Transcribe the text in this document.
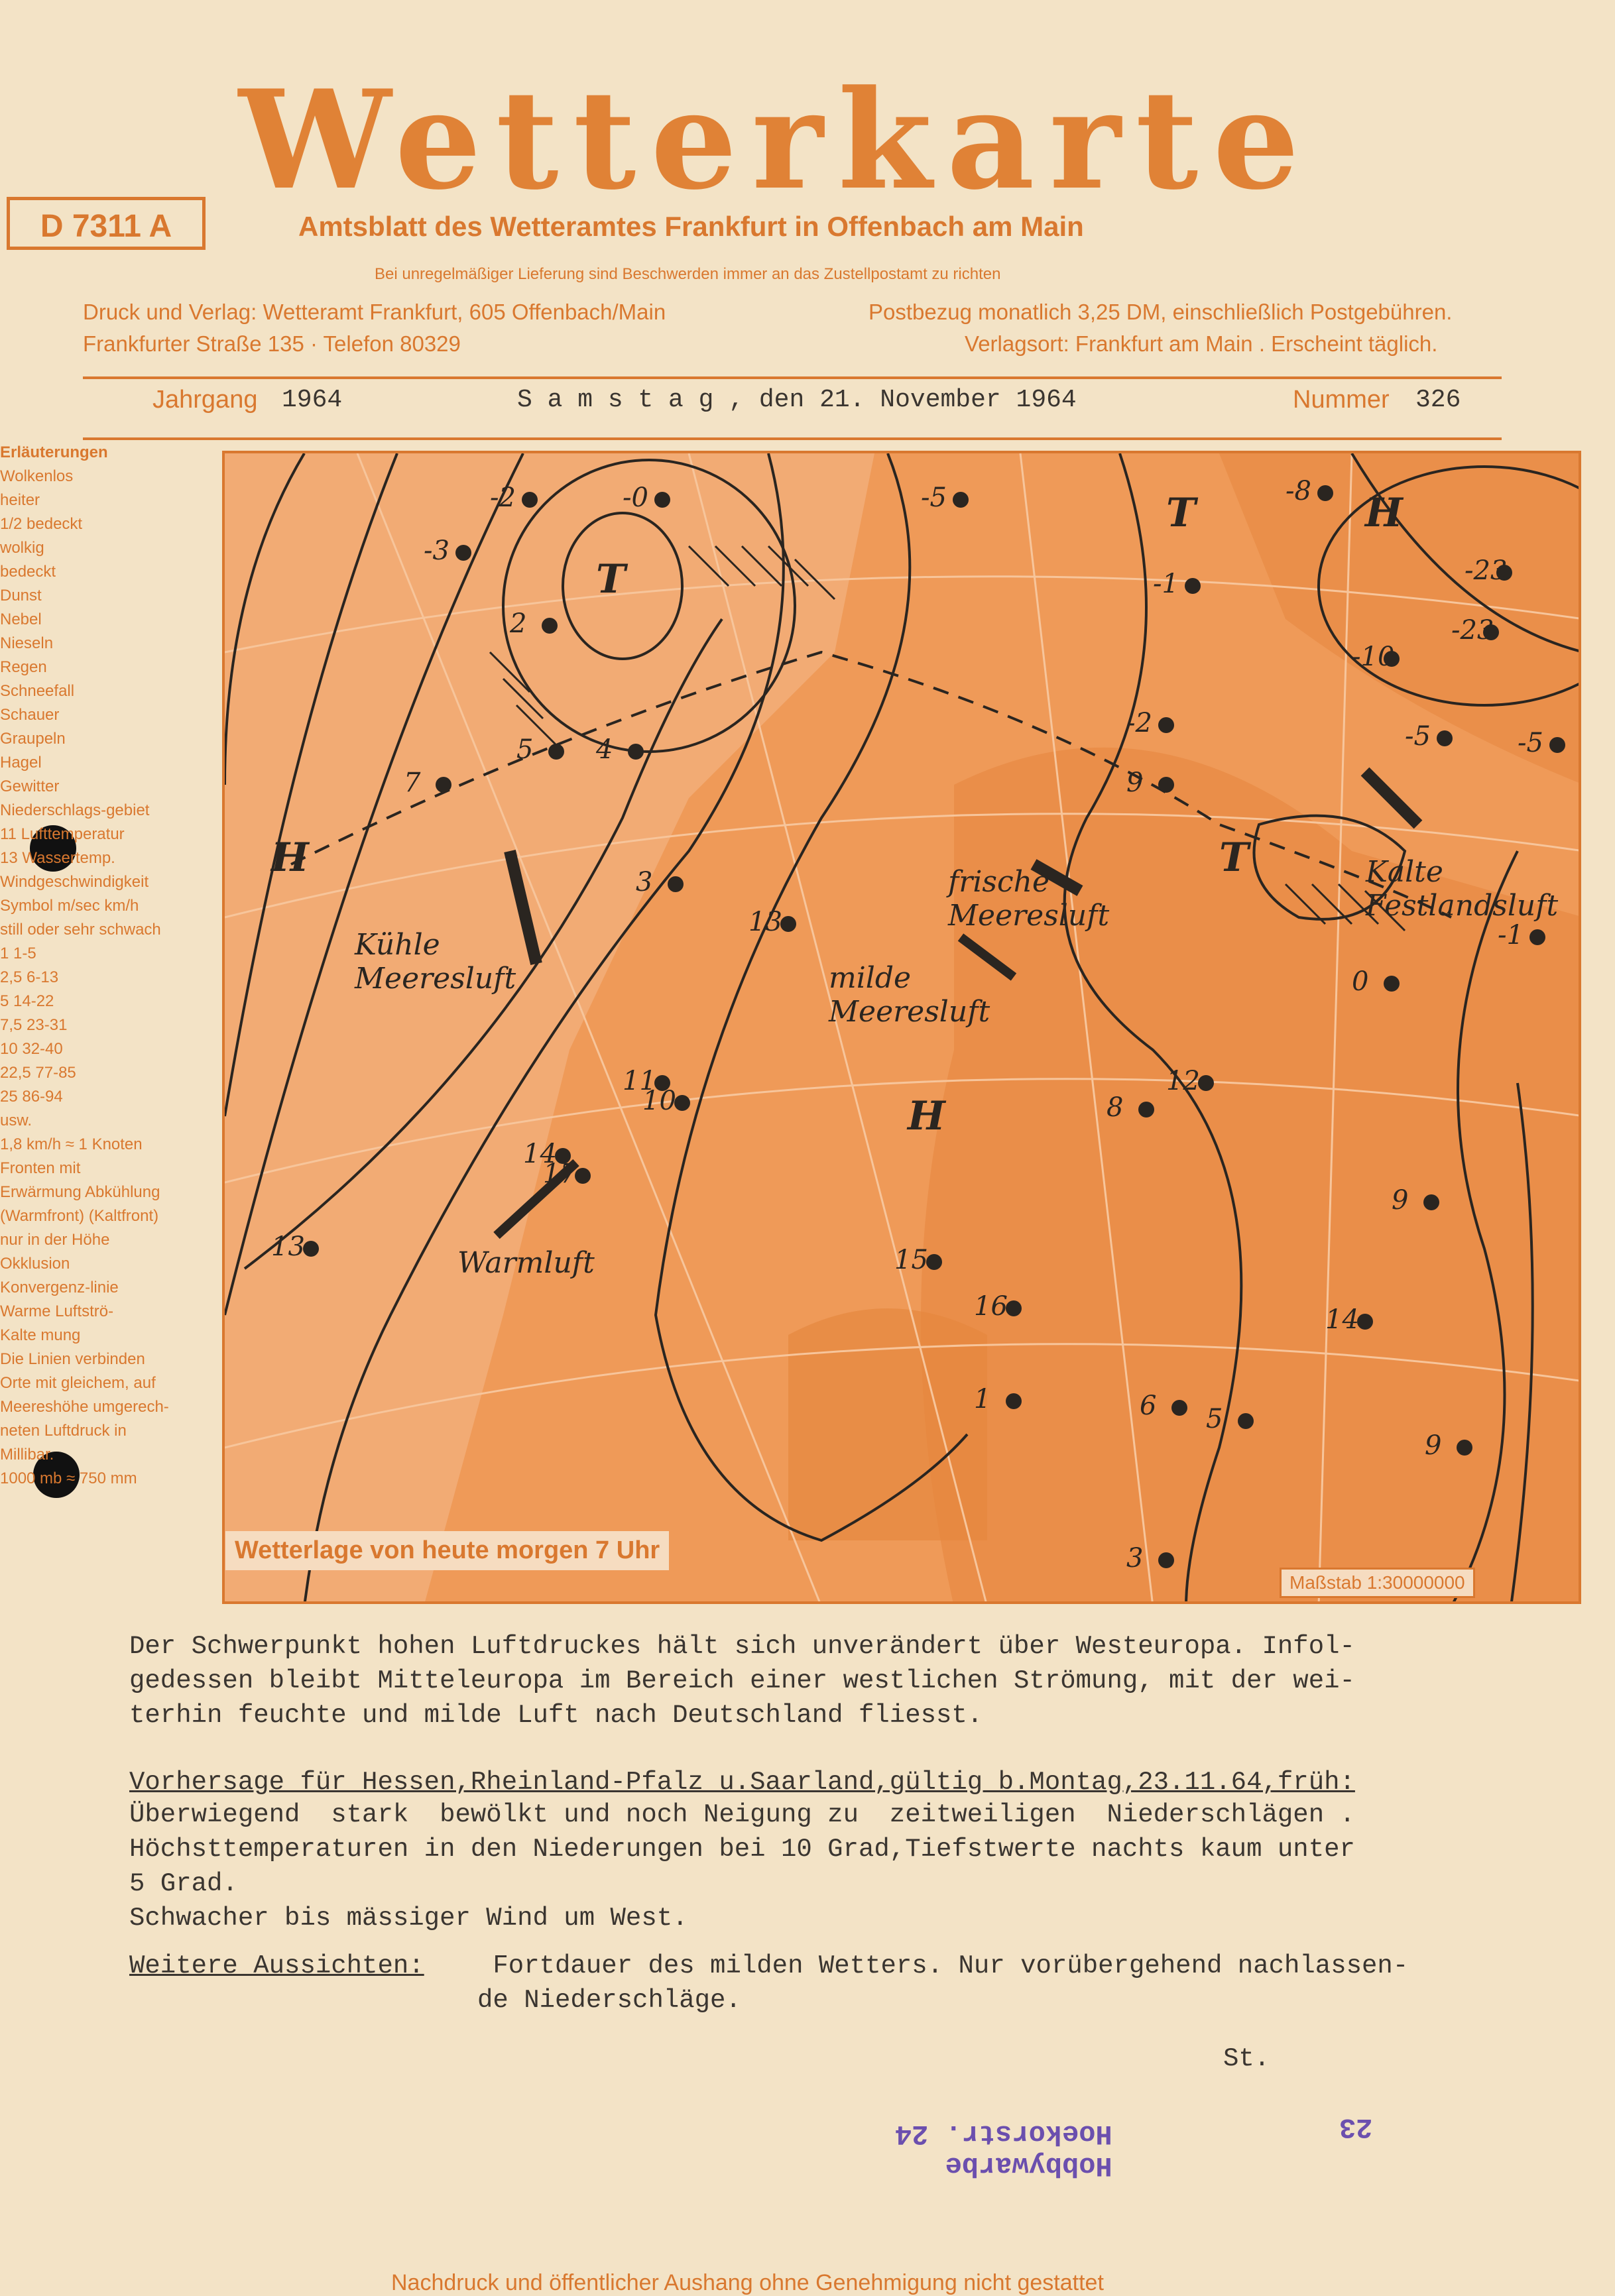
Wetterkarte
D 7311 A	Amtsblatt des Wetteramtes Frankfurt in Offenbach am Main
Bei unregelmäßiger Lieferung sind Beschwerden immer an das Zustellpostamt zu richten
Druck und Verlag: Wetteramt Frankfurt, 605 Offenbach/Main
Frankfurter Straße 135 · Telefon 80329
Postbezug monatlich 3,25 DM, einschließlich Postgebühren.
Verlagsort: Frankfurt am Main . Erscheint täglich.
Jahrgang 1964	S a m s t a g , den 21. November 1964	Nummer 326
Erläuterungen
Wolkenlos
heiter
1/2 bedeckt
wolkig
bedeckt
Dunst
Nebel
Nieseln
Regen
Schneefall
Schauer
Graupeln
Hagel
Gewitter
Niederschlags-gebiet
11 Lufttemperatur
13 Wassertemp.
Windgeschwindigkeit
Symbol m/sec km/h
still oder sehr schwach
1 1-5
2,5 6-13
5 14-22
7,5 23-31
10 32-40
22,5 77-85
25 86-94
usw.
1,8 km/h ≈ 1 Knoten
Fronten mit
Erwärmung Abkühlung
(Warmfront) (Kaltfront)
nur in der Höhe
Okklusion
Konvergenz-linie
Warme Luftströ-
Kalte mung
Die Linien verbinden
Orte mit gleichem, auf
Meereshöhe umgerech-
neten Luftdruck in
Millibar.
1000 mb ≈ 750 mm
-2	-0
-3
-5	-8
-1	-23
-23
-10
-2	-5	-5
2
5
7	9
4
3
11
10
13
14
17
15
16
8
6 5
3
1
0
-1
13
12
9
14
9
H
H
T
T
T
H
Wetterlage von heute morgen 7 Uhr
Maßstab 1:30000000
Kühle Meeresluft
Warmluft
frische Meeresluft
milde Meeresluft
Kalte Festlandsluft
Der Schwerpunkt hohen Luftdruckes hält sich unverändert über Westeuropa. Infol-
gedessen bleibt Mitteleuropa im Bereich einer westlichen Strömung, mit der wei-
terhin feuchte und milde Luft nach Deutschland fliesst.
Vorhersage für Hessen,Rheinland-Pfalz u.Saarland,gültig b.Montag,23.11.64,früh:
Überwiegend  stark  bewölkt und noch Neigung zu  zeitweiligen  Niederschlägen .
Höchsttemperaturen in den Niederungen bei 10 Grad,Tiefstwerte nachts kaum unter
5 Grad.
Schwacher bis mässiger Wind um West.
Weitere Aussichten:	Fortdauer des milden Wetters. Nur vorübergehend nachlassen-
de Niederschläge.
St.
Hobbywarbe
Hoekorstr. 24	23
Nachdruck und öffentlicher Aushang ohne Genehmigung nicht gestattet
